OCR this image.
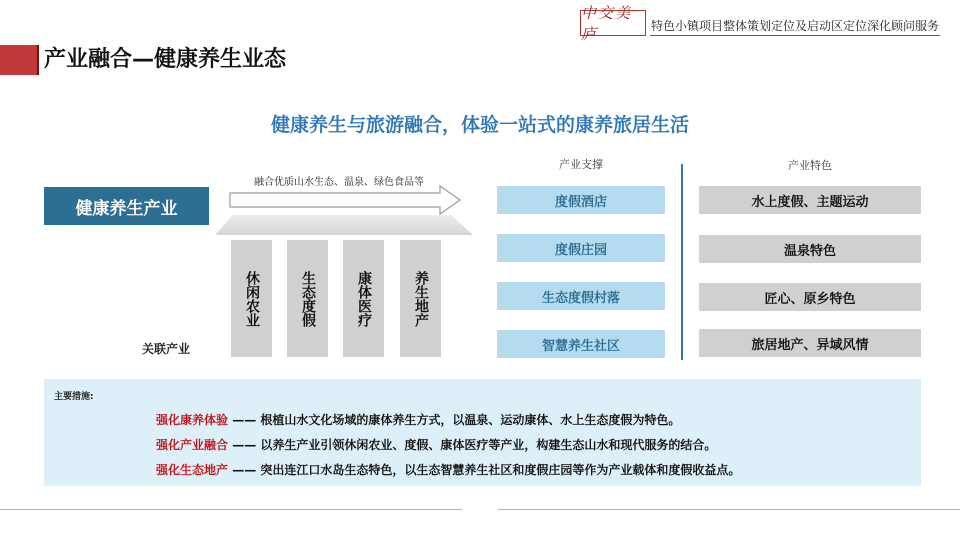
中交美庐	特色小镇项目整体策划定位及启动区定位深化顾问服务
产业融合—健康养生业态
健康养生与旅游融合，体验一站式的康养旅居生活
健康养生产业
融合优质山水生态、温泉、绿色食品等
休闲农业	生态度假	康体医疗	养生地产
关联产业
产业支撑
度假酒店
度假庄园
生态度假村落
智慧养生社区
产业特色
水上度假、主题运动
温泉特色
匠心、原乡特色
旅居地产、异域风情
主要措施:
强化康养体验 —— 根植山水文化场域的康体养生方式，以温泉、运动康体、水上生态度假为特色。
强化产业融合 —— 以养生产业引领休闲农业、度假、康体医疗等产业，构建生态山水和现代服务的结合。
强化生态地产 —— 突出连江口水岛生态特色，以生态智慧养生社区和度假庄园等作为产业载体和度假收益点。
